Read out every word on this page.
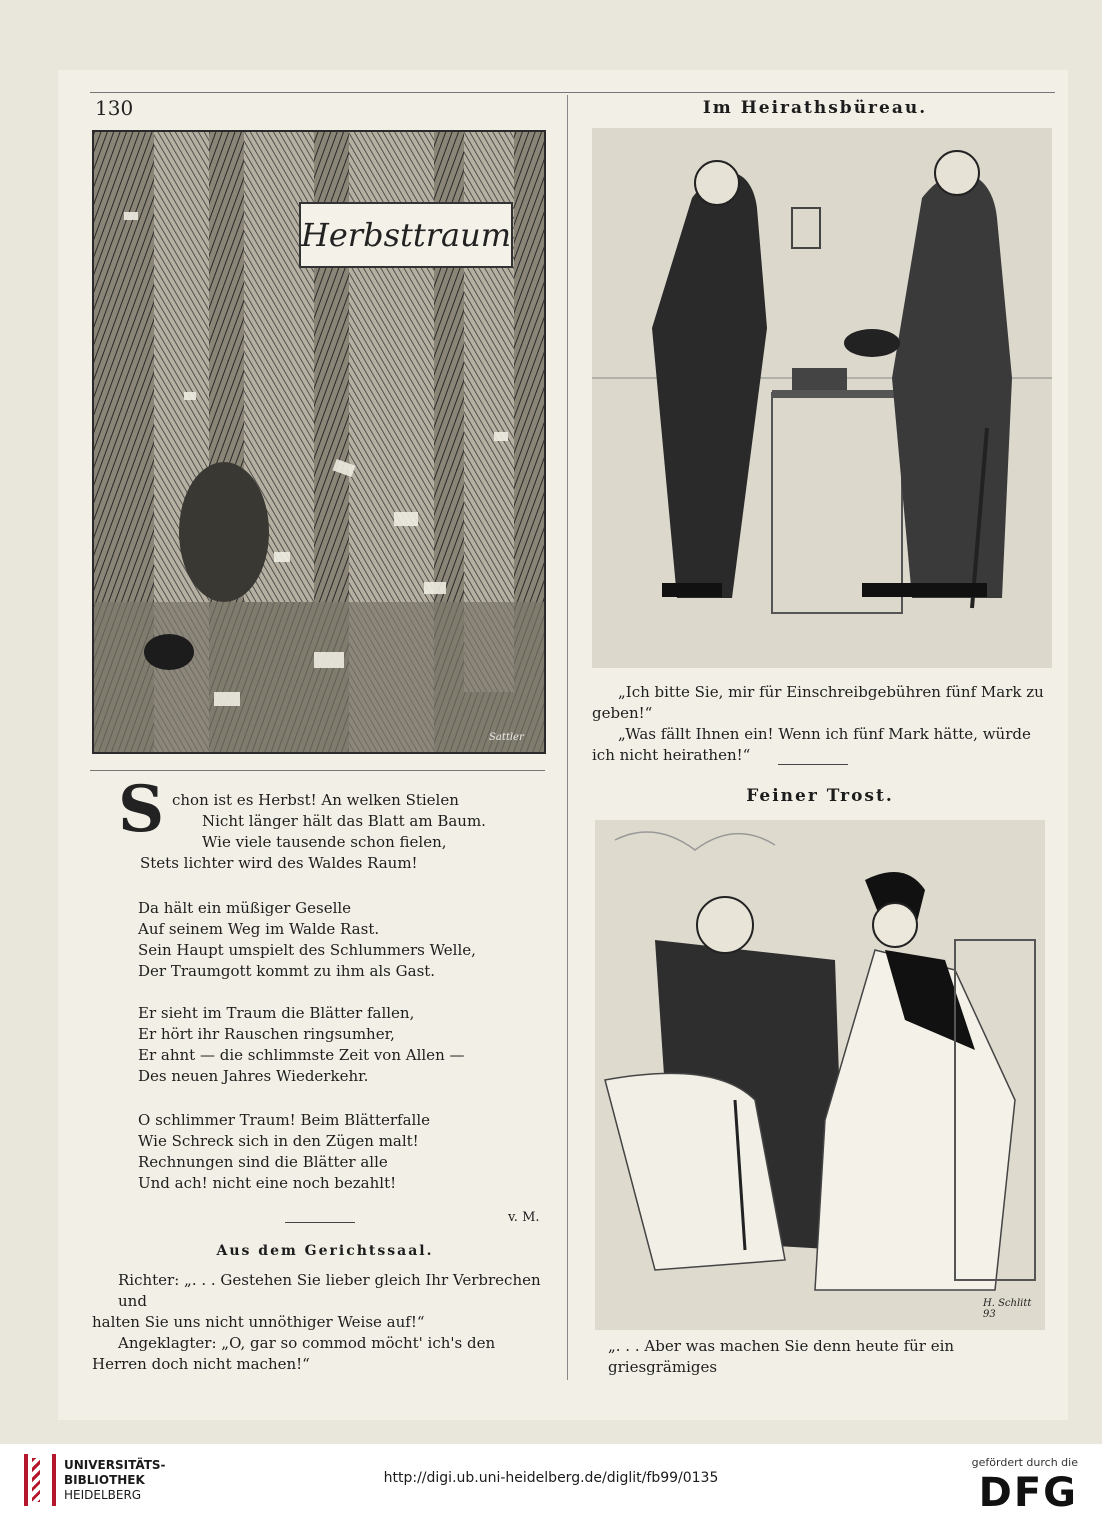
130	Im Heirathsbüreau.
Herbsttraum
Sattler
„Ich bitte Sie, mir für Einschreibgebühren fünf Mark zu
geben!“
„Was fällt Ihnen ein! Wenn ich fünf Mark hätte, würde
ich nicht heirathen!“
Feiner Trost.
H. Schlitt 93
„. . . Aber was machen Sie denn heute für ein griesgrämiges
S chon ist es Herbst! An welken Stielen
Nicht länger hält das Blatt am Baum.
Wie viele tausende schon fielen,
Stets lichter wird des Waldes Raum!
Da hält ein müßiger Geselle
Auf seinem Weg im Walde Rast.
Sein Haupt umspielt des Schlummers Welle,
Der Traumgott kommt zu ihm als Gast.
Er sieht im Traum die Blätter fallen,
Er hört ihr Rauschen ringsumher,
Er ahnt — die schlimmste Zeit von Allen —
Des neuen Jahres Wiederkehr.
O schlimmer Traum! Beim Blätterfalle
Wie Schreck sich in den Zügen malt!
Rechnungen sind die Blätter alle
Und ach! nicht eine noch bezahlt!
v. M.
Aus dem Gerichtssaal.
Richter: „. . . Gestehen Sie lieber gleich Ihr Verbrechen und
halten Sie uns nicht unnöthiger Weise auf!“
Angeklagter: „O, gar so commod möcht' ich's den
Herren doch nicht machen!“
UNIVERSITÄTS-
BIBLIOTHEK
HEIDELBERG
http://digi.ub.uni-heidelberg.de/diglit/fb99/0135
gefördert durch die
DFG
